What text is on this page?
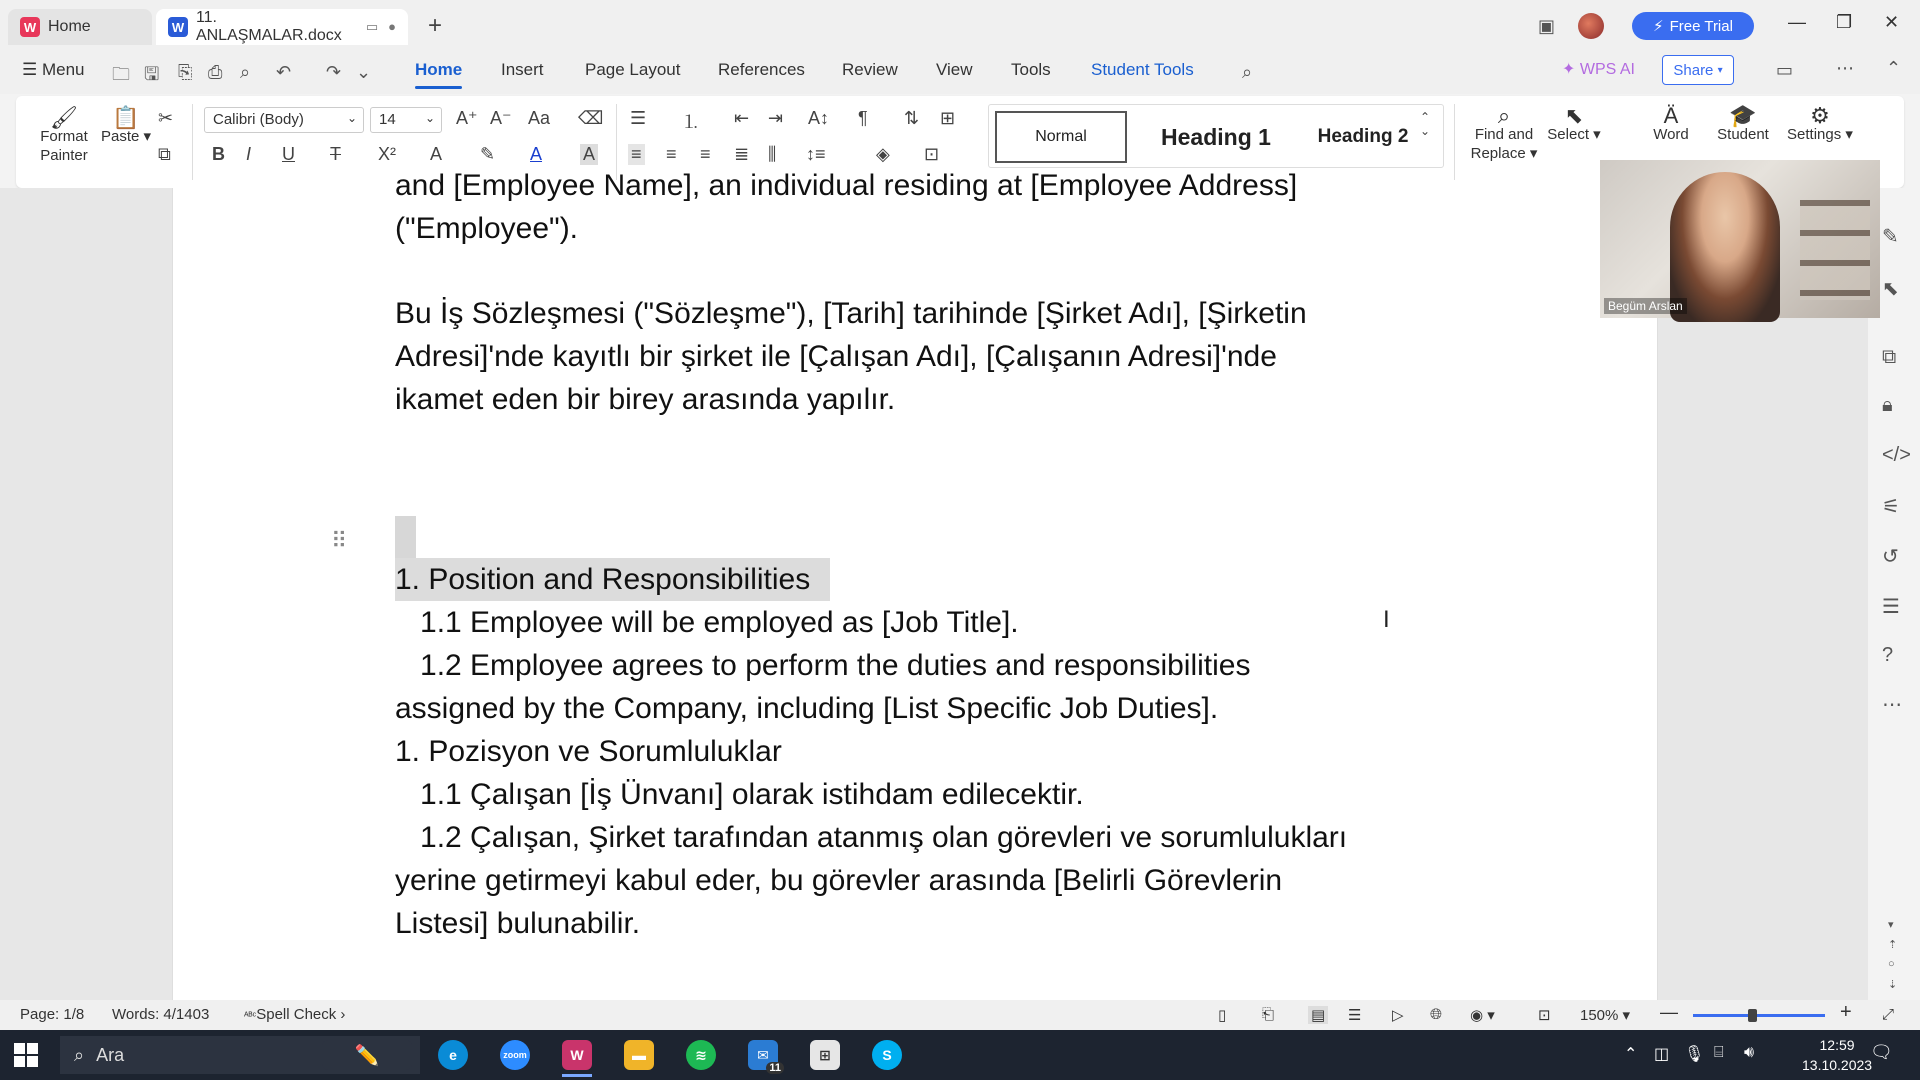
W Home	W
11. ANLAŞMALAR.docx
▭ ● +	▣	⚡ Free Trial	— ❐ ✕
☰ Menu 🗀 🖫 ⎘ ⎙ ⌕ ↶ ↷ ⌄	Home Insert Page Layout References Review View Tools Student Tools	⌕	✦ WPS AI	Share
▾	▭ ⋯ ⌃
🖌
Format
Painter
📋
Paste ▾
✂
⧉
Calibri (Body)	⌄	14 ⌄ A⁺ A⁻ Aa ⌫
B I U T X² A ✎ A A
☰ ⒈ ⇤ ⇥ A↕ ¶ ⇅ ⊞
≡ ≡ ≡ ≣ ⫼ ↕≡	◈ ⊡
Normal	Heading 1 Heading 2
⌃
⌄
⌕
Find and
Replace ▾
⬉
Select ▾
Ä
Word
🎓
Student
⚙
Settings ▾
and [Employee Name], an individual residing at [Employee Address]
("Employee").
Bu İş Sözleşmesi ("Sözleşme"), [Tarih] tarihinde [Şirket Adı], [Şirketin
Adresi]'nde kayıtlı bir şirket ile [Çalışan Adı], [Çalışanın Adresi]'nde
ikamet eden bir birey arasında yapılır.
⠿
1. Position and Responsibilities
1.1 Employee will be employed as [Job Title].
1.2 Employee agrees to perform the duties and responsibilities
assigned by the Company, including [List Specific Job Duties].
1. Pozisyon ve Sorumluluklar
1.1 Çalışan [İş Ünvanı] olarak istihdam edilecektir.
1.2 Çalışan, Şirket tarafından atanmış olan görevleri ve sorumlulukları
yerine getirmeyi kabul eder, bu görevler arasında [Belirli Görevlerin
Listesi] bulunabilir.
I
✎
⬉
⧉
🔒︎
</>
⚟
↺
☰
?
⋯
▾
⇡
○
⇣
Begüm Arslan
Page: 1/8 Words: 4/1403	ᴬᴮᶜSpell Check ›	▯ ⎗ ▤ ☰ ▷ 🌐︎ ◉ ▾	⊡ 150% ▾ —	+ ⤢
⌕ Ara	✏️	e	zoom	W	▬	≋	✉
11
⊞	S	⌃ ◫ 🎙︎ ⌸ 🔊︎	12:59
13.10.2023
🗨︎
